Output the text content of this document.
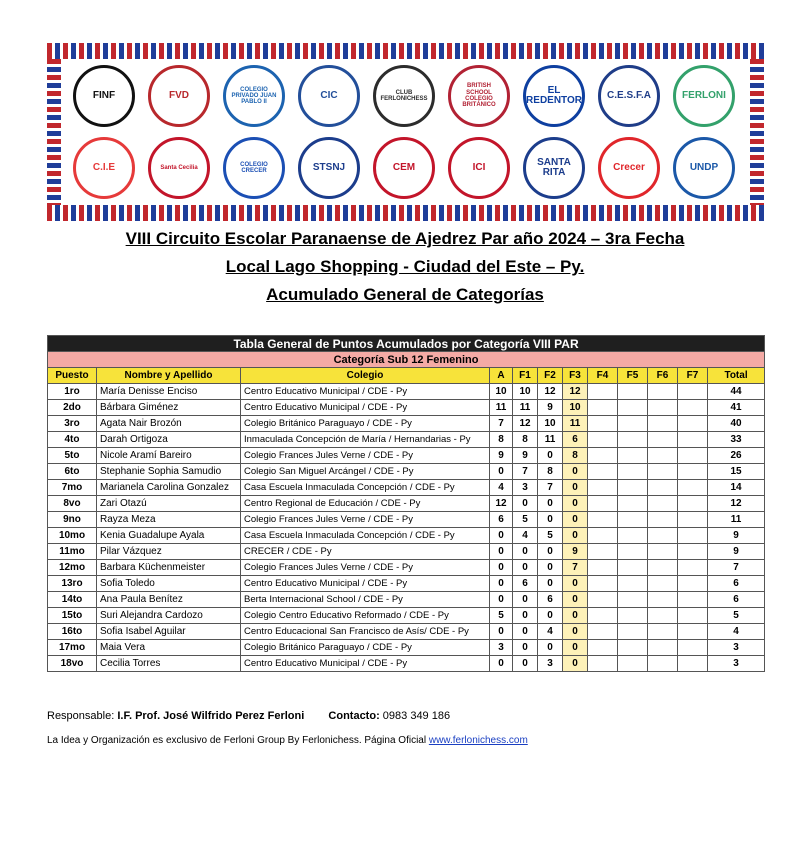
FINF	FVD
COLEGIO PRIVADO JUAN PABLO II
CIC	CLUB FERLONICHESS
BRITISH SCHOOL COLEGIO BRITÁNICO
EL REDENTOR	C.E.S.F.A	FERLONI
C.I.E	Santa Cecilia
COLEGIO CRECER	STSNJ	CEM	ICI	SANTA RITA	Crecer	UNDP
VIII Circuito Escolar Paranaense de Ajedrez Par año 2024 – 3ra Fecha
Local Lago Shopping - Ciudad del Este – Py.
Acumulado General de Categorías
Tabla General de Puntos Acumulados por Categoría VIII PAR											
Categoría Sub 12 Femenino											
Puesto	Nombre y Apellido	Colegio	A	F1	F2	F3	F4	F5	F6	F7	Total
1ro	María Denisse Enciso	Centro Educativo Municipal / CDE - Py	10	10	12	12					44
2do	Bárbara Giménez	Centro Educativo Municipal / CDE - Py	11	11	9	10					41
3ro	Agata Nair Brozón	Colegio Británico Paraguayo / CDE - Py	7	12	10	11					40
4to	Darah Ortigoza	Inmaculada Concepción de María / Hernandarias - Py	8	8	11	6					33
5to	Nicole Aramí Bareiro	Colegio Frances Jules Verne / CDE - Py	9	9	0	8					26
6to	Stephanie Sophia Samudio	Colegio San Miguel Arcángel / CDE - Py	0	7	8	0					15
7mo	Marianela Carolina Gonzalez	Casa Escuela Inmaculada Concepción / CDE - Py	4	3	7	0					14
8vo	Zari Otazú	Centro Regional de Educación / CDE - Py	12	0	0	0					12
9no	Rayza Meza	Colegio Frances Jules Verne / CDE - Py	6	5	0	0					11
10mo	Kenia Guadalupe Ayala	Casa Escuela Inmaculada Concepción / CDE - Py	0	4	5	0					9
11mo	Pilar Vázquez	CRECER / CDE - Py	0	0	0	9					9
12mo	Barbara Küchenmeister	Colegio Frances Jules Verne / CDE - Py	0	0	0	7					7
13ro	Sofia Toledo	Centro Educativo Municipal / CDE - Py	0	6	0	0					6
14to	Ana Paula Benítez	Berta Internacional School / CDE - Py	0	0	6	0					6
15to	Suri Alejandra Cardozo	Colegio Centro Educativo Reformado / CDE - Py	5	0	0	0					5
16to	Sofia Isabel Aguilar	Centro Educacional San Francisco de Asís/ CDE - Py	0	0	4	0					4
17mo	Maia Vera	Colegio Británico Paraguayo / CDE - Py	3	0	0	0					3
18vo	Cecilia Torres	Centro Educativo Municipal / CDE - Py	0	0	3	0					3
Responsable: I.F. Prof. José Wilfrido Perez Ferloni Contacto: 0983 349 186
La Idea y Organización es exclusivo de Ferloni Group By Ferlonichess. Página Oficial www.ferlonichess.com
